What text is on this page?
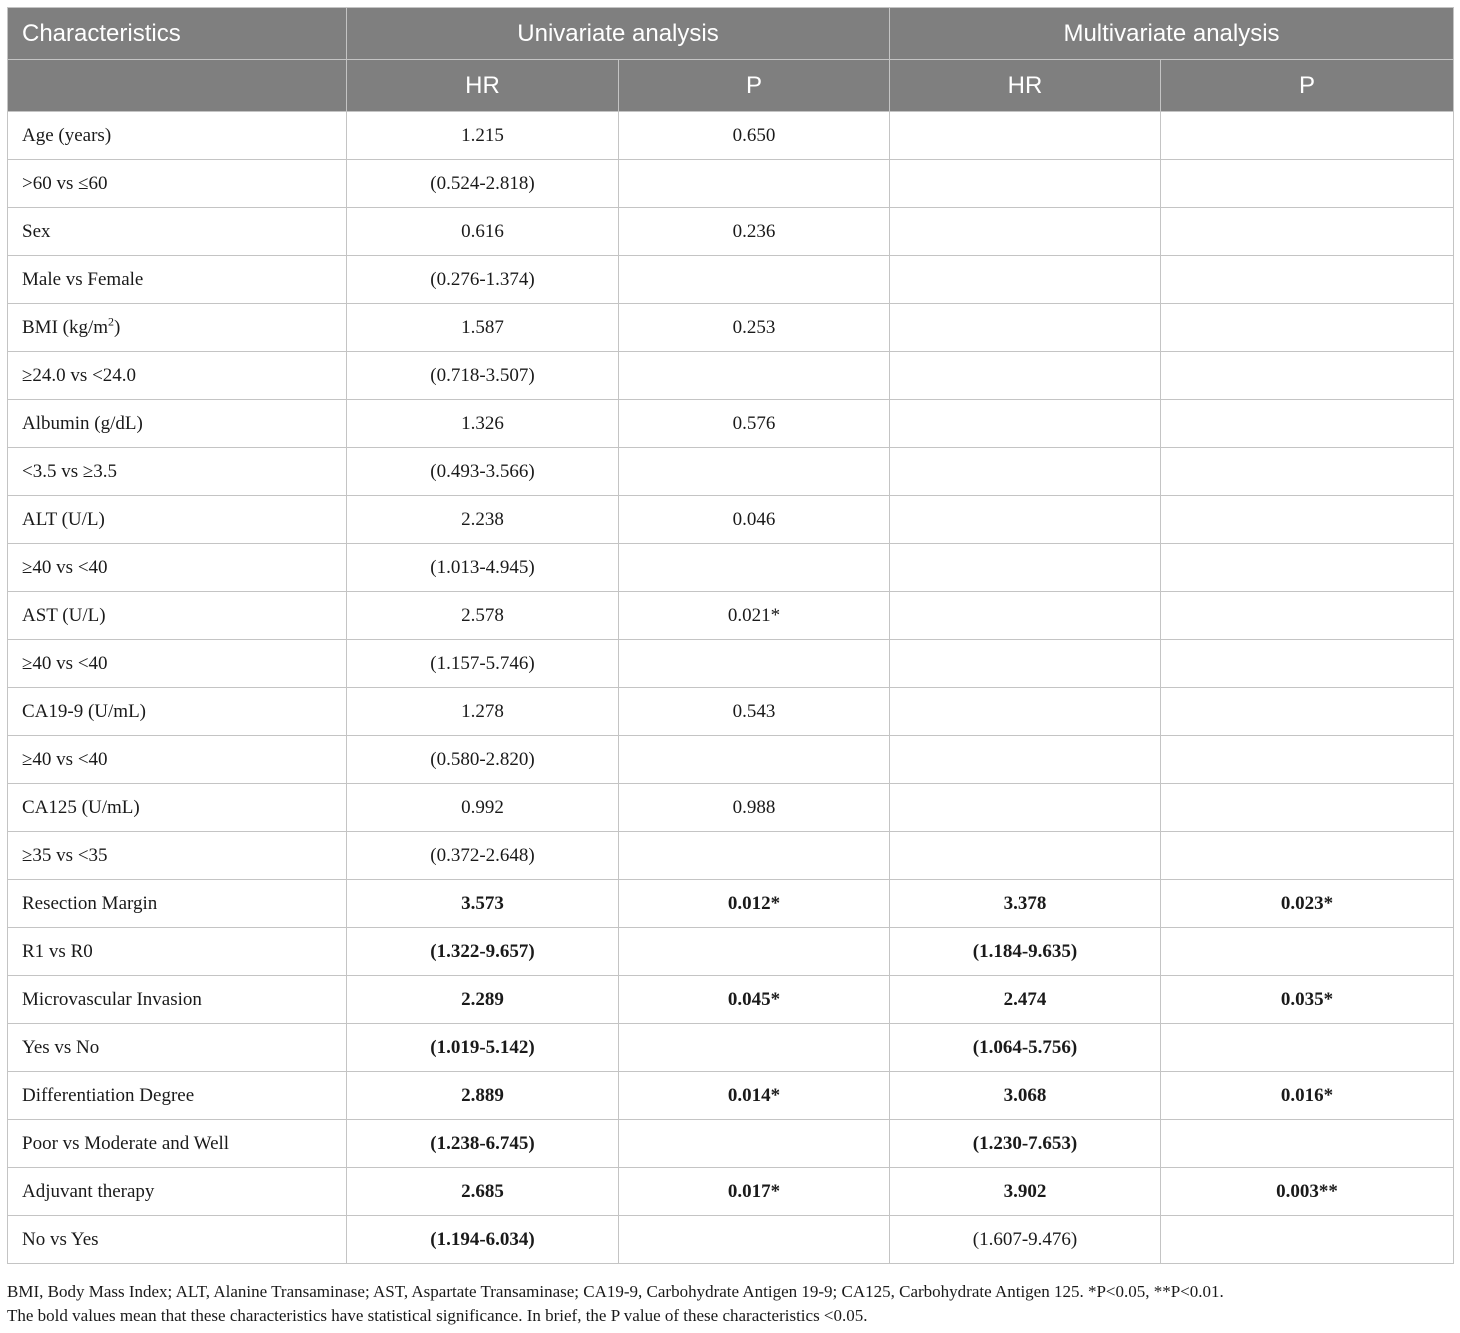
Characteristics	Univariate analysis		Multivariate analysis	
	HR	P	HR	P
Age (years)	1.215	0.650		
>60 vs ≤60	(0.524-2.818)			
Sex	0.616	0.236		
Male vs Female	(0.276-1.374)			
BMI $(kg/m^2)$	1.587	0.253		
≥24.0 vs <24.0	(0.718-3.507)			
Albumin (g/dL)	1.326	0.576		
<3.5 vs ≥3.5	(0.493-3.566)			
ALT (U/L)	2.238	0.046		
≥40 vs <40	(1.013-4.945)			
AST (U/L)	2.578	0.021*		
≥40 vs <40	(1.157-5.746)			
CA19-9 (U/mL)	1.278	0.543		
≥40 vs <40	(0.580-2.820)			
CA125 (U/mL)	0.992	0.988		
≥35 vs <35	(0.372-2.648)			
Resection Margin	3.573	0.012*	3.378	0.023*
R1 vs R0	(1.322-9.657)		(1.184-9.635)	
Microvascular Invasion	2.289	0.045*	2.474	0.035*
Yes vs No	(1.019-5.142)		(1.064-5.756)	
Differentiation Degree	2.889	0.014*	3.068	0.016*
Poor vs Moderate and Well	(1.238-6.745)		(1.230-7.653)	
Adjuvant therapy	2.685	0.017*	3.902	0.003**
No vs Yes	(1.194-6.034)		(1.607-9.476)	

BMI, Body Mass Index; ALT, Alanine Transaminase; AST, Aspartate Transaminase; CA19-9, Carbohydrate Antigen 19-9; CA125, Carbohydrate Antigen 125. *P<0.05, **P<0.01.

The bold values mean that these characteristics have statistical significance. In brief, the P value of these characteristics <0.05.
